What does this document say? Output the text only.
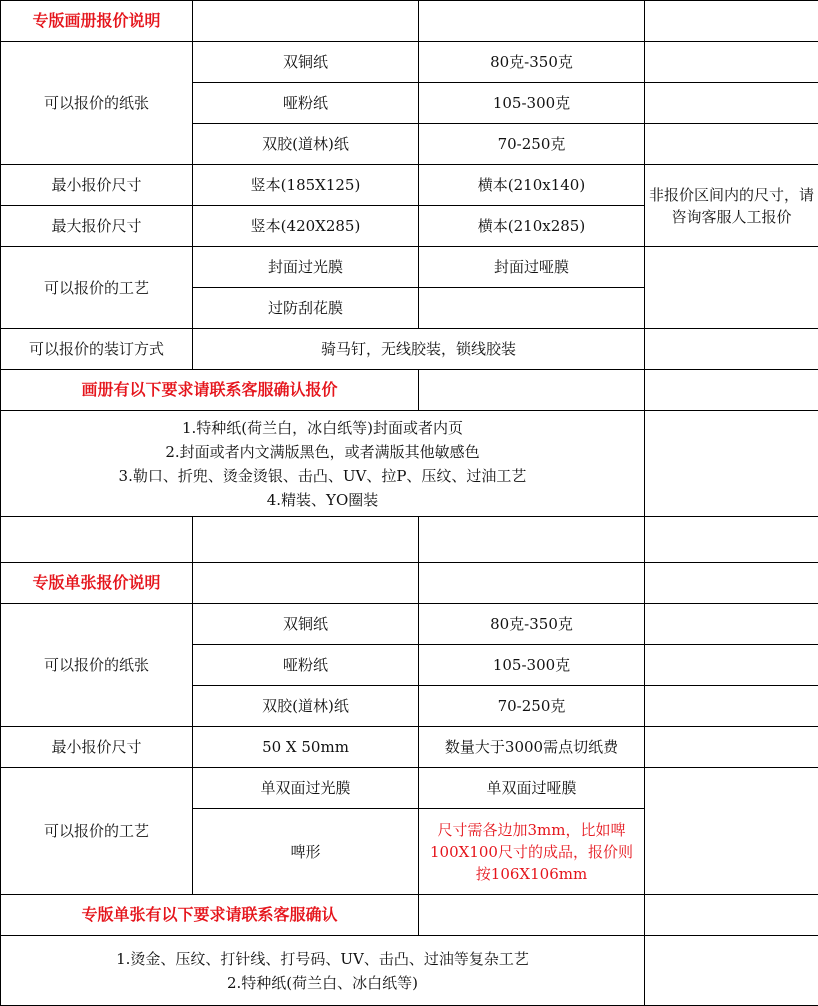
专版画册报价说明			
可以报价的纸张	双铜纸	80克-350克	
	哑粉纸	105-300克	
	双胶(道林)纸	70-250克	
最小报价尺寸	竖本(185X125)	横本(210x140)	非报价区间内的尺寸，请咨询客服人工报价
最大报价尺寸	竖本(420X285)	横本(210x285)	
可以报价的工艺	封面过光膜	封面过哑膜	
	过防刮花膜		
可以报价的装订方式	骑马钉，无线胶装，锁线胶装		
画册有以下要求请联系客服确认报价			

1.特种纸(荷兰白，冰白纸等)封面或者内页
2.封面或者内文满版黑色，或者满版其他敏感色
3.勒口、折兜、烫金烫银、击凸、UV、拉P、压纹、过油工艺
4.精装、YO圈装			

专版单张报价说明			
可以报价的纸张	双铜纸	80克-350克	
	哑粉纸	105-300克	
	双胶(道林)纸	70-250克	
最小报价尺寸	50 X 50mm	数量大于3000需点切纸费	
可以报价的工艺	单双面过光膜	单双面过哑膜	
	啤形	尺寸需各边加3mm，比如啤100X100尺寸的成品，报价则按106X106mm	
专版单张有以下要求请联系客服确认			

1.烫金、压纹、打针线、打号码、UV、击凸、过油等复杂工艺
2.特种纸(荷兰白、冰白纸等)			
